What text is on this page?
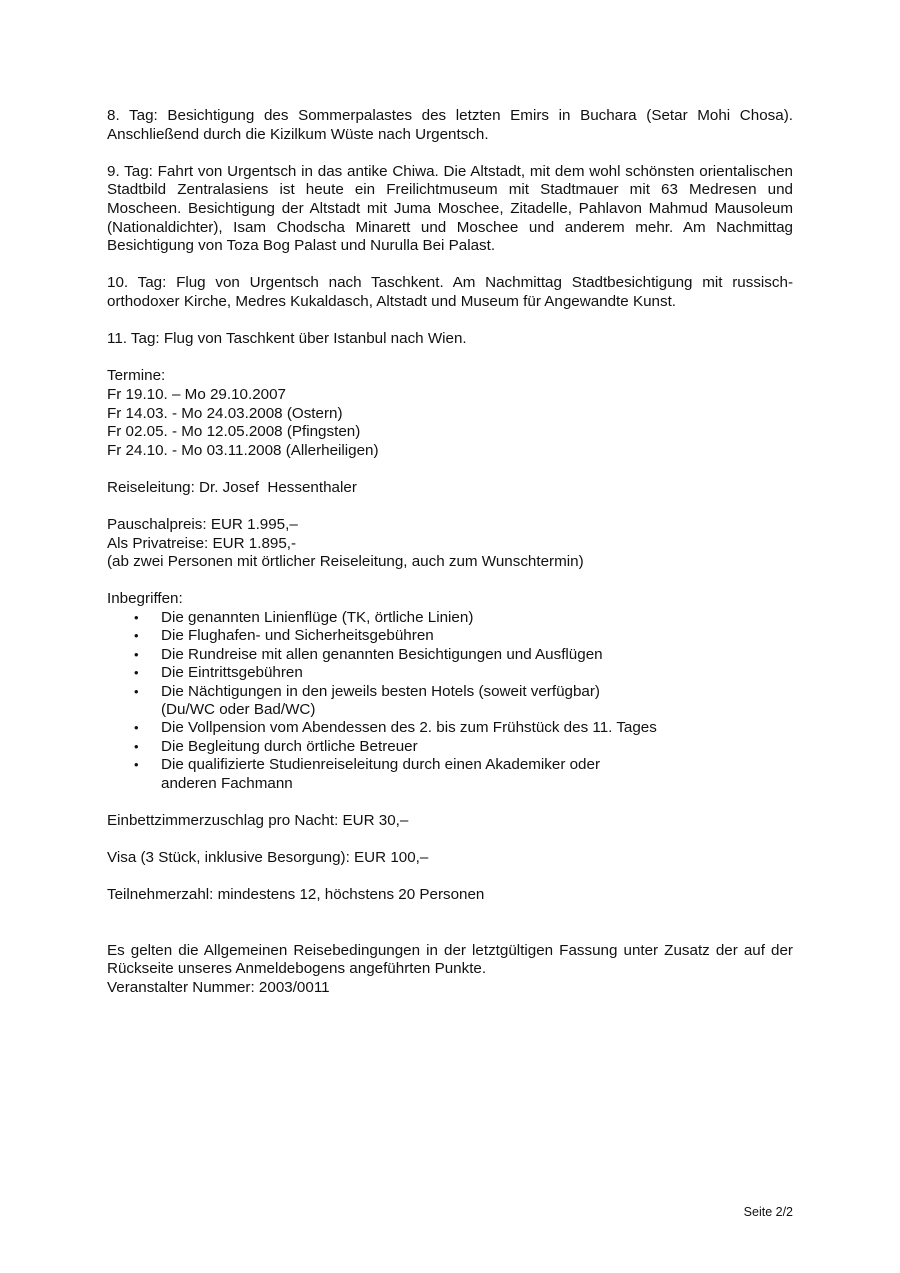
8. Tag: Besichtigung des Sommerpalastes des letzten Emirs in Buchara (Setar Mohi Chosa). Anschließend durch die Kizilkum Wüste nach Urgentsch.

9. Tag: Fahrt von Urgentsch in das antike Chiwa. Die Altstadt, mit dem wohl schönsten orientalischen Stadtbild Zentralasiens ist heute ein Freilichtmuseum mit Stadtmauer mit 63 Medresen und Moscheen. Besichtigung der Altstadt mit Juma Moschee, Zitadelle, Pahlavon Mahmud Mausoleum (Nationaldichter), Isam Chodscha Minarett und Moschee und anderem mehr. Am Nachmittag Besichtigung von Toza Bog Palast und Nurulla Bei Palast.

10. Tag: Flug von Urgentsch nach Taschkent. Am Nachmittag Stadtbesichtigung mit russisch-orthodoxer Kirche, Medres Kukaldasch, Altstadt und Museum für Angewandte Kunst.

11. Tag: Flug von Taschkent über Istanbul nach Wien.

Termine:

Fr 19.10. – Mo 29.10.2007

Fr 14.03. - Mo 24.03.2008 (Ostern)

Fr 02.05. - Mo 12.05.2008 (Pfingsten)

Fr 24.10. - Mo 03.11.2008 (Allerheiligen)

Reiseleitung: Dr. Josef  Hessenthaler

Pauschalpreis: EUR 1.995,–

Als Privatreise: EUR 1.895,-

(ab zwei Personen mit örtlicher Reiseleitung, auch zum Wunschtermin)

Inbegriffen:

• Die genannten Linienflüge (TK, örtliche Linien)
• Die Flughafen- und Sicherheitsgebühren
• Die Rundreise mit allen genannten Besichtigungen und Ausflügen
• Die Eintrittsgebühren
• Die Nächtigungen in den jeweils besten Hotels (soweit verfügbar)
(Du/WC oder Bad/WC)
• Die Vollpension vom Abendessen des 2. bis zum Frühstück des 11. Tages
• Die Begleitung durch örtliche Betreuer
• Die qualifizierte Studienreiseleitung durch einen Akademiker oder
anderen Fachmann

Einbettzimmerzuschlag pro Nacht: EUR 30,–

Visa (3 Stück, inklusive Besorgung): EUR 100,–

Teilnehmerzahl: mindestens 12, höchstens 20 Personen

Es gelten die Allgemeinen Reisebedingungen in der letztgültigen Fassung unter Zusatz der auf der Rückseite unseres Anmeldebogens angeführten Punkte.

Veranstalter Nummer: 2003/0011

Seite 2/2
